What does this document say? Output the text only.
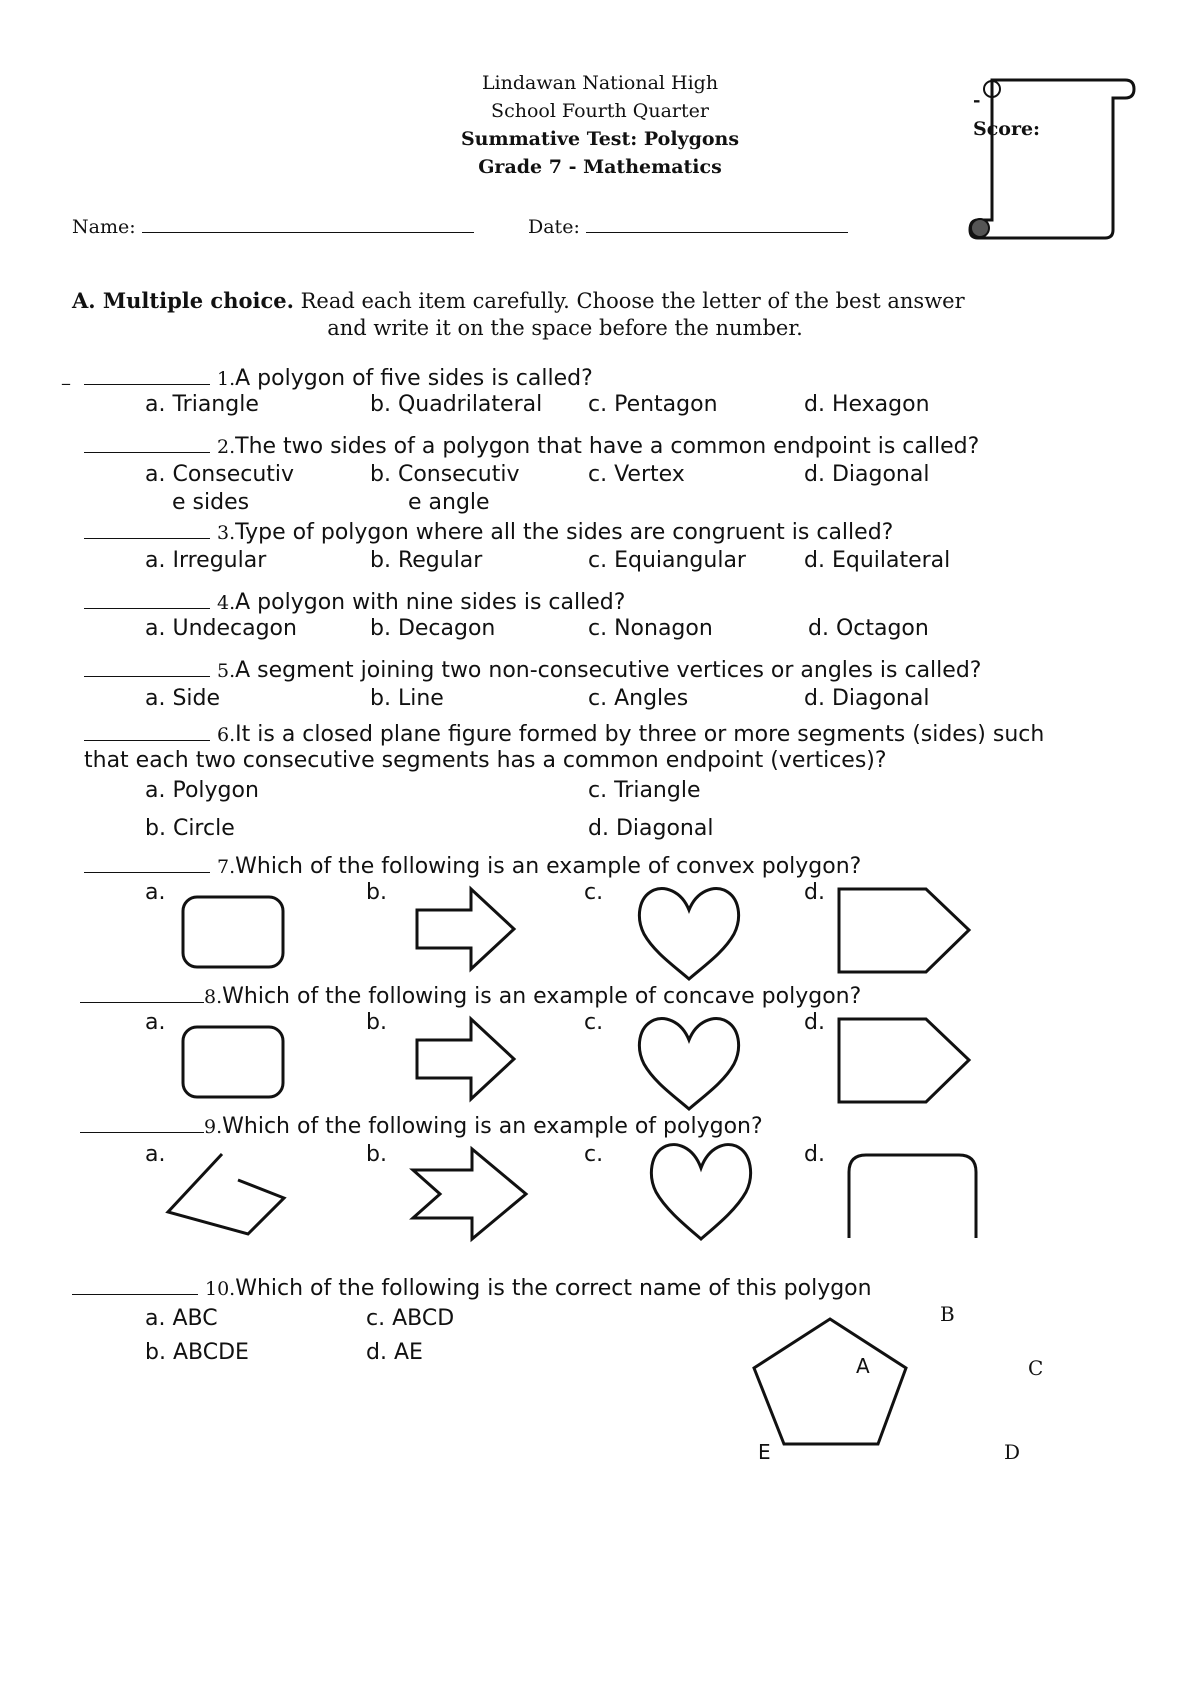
Lindawan National High
School Fourth Quarter
Summative Test: Polygons
Grade 7 - Mathematics
Name:	Date:
-
Score:
A. Multiple choice. Read each item carefully. Choose the letter of the best answer
and write it on the space before the number.
_	1.A polygon of five sides is called?
a. Triangle	b. Quadrilateral c. Pentagon	d. Hexagon
2.The two sides of a polygon that have a common endpoint is called?
a. Consecutiv	b. Consecutiv	c. Vertex	d. Diagonal
e sides	e angle
3.Type of polygon where all the sides are congruent is called?
a. Irregular	b. Regular	c. Equiangular	d. Equilateral
4.A polygon with nine sides is called?
a. Undecagon	b. Decagon	c. Nonagon	d. Octagon
5.A segment joining two non-consecutive vertices or angles is called?
a. Side	b. Line	c. Angles	d. Diagonal
6.It is a closed plane figure formed by three or more segments (sides) such
that each two consecutive segments has a common endpoint (vertices)?
a. Polygon	c. Triangle
b. Circle	d. Diagonal
7.Which of the following is an example of convex polygon?
a.	b.	c.	d.
8.Which of the following is an example of concave polygon?
a.	b.	c.	d.
9.Which of the following is an example of polygon?
a.	b.	c.	d.
10.Which of the following is the correct name of this polygon
a. ABC	c. ABCD
b. ABCDE	d. AE
A
B
C
D
E
